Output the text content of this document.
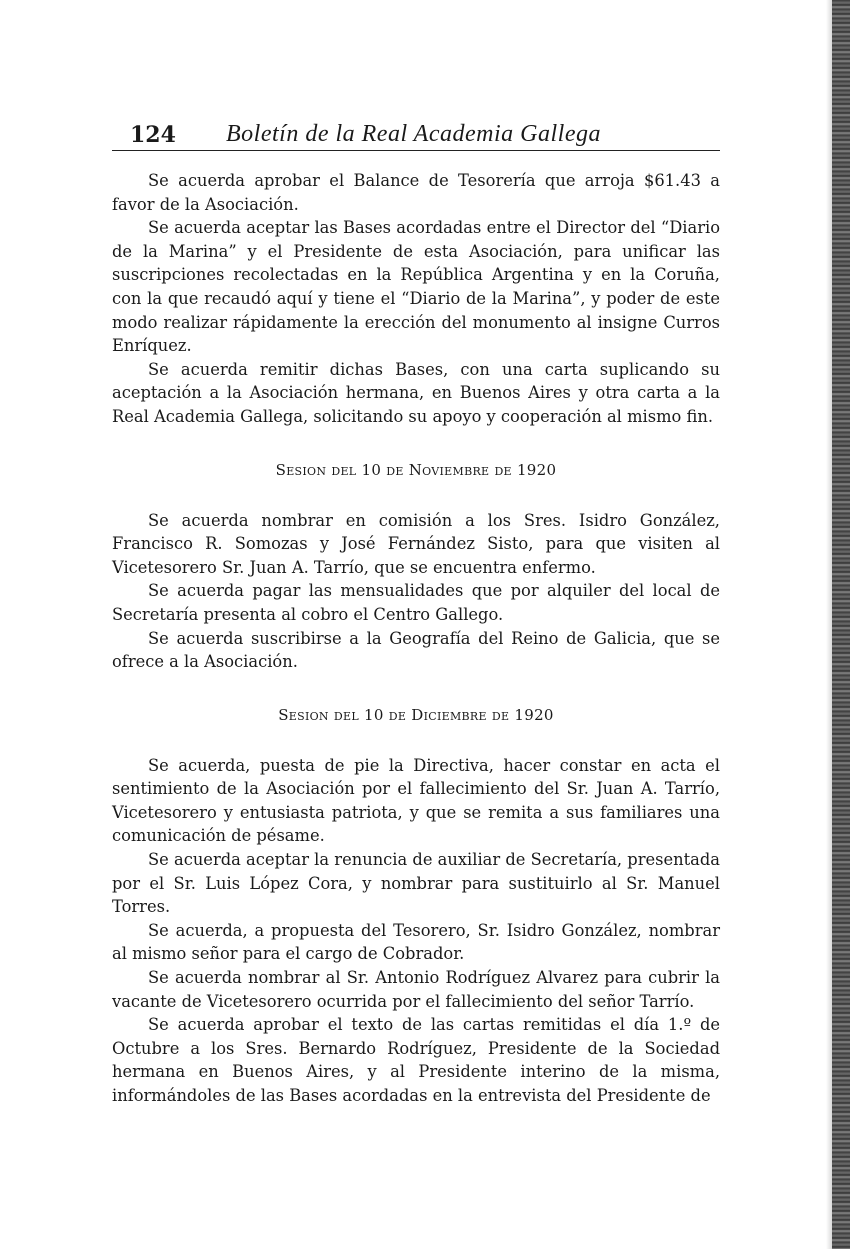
124	Boletín de la Real Academia Gallega

Se acuerda aprobar el Balance de Tesorería que arroja $61.43 a favor de la Asociación.

Se acuerda aceptar las Bases acordadas entre el Director del “Diario de la Marina” y el Presidente de esta Asociación, para unificar las suscripciones recolectadas en la República Argentina y en la Coruña, con la que recaudó aquí y tiene el “Diario de la Marina”, y poder de este modo realizar rápidamente la erección del monumento al insigne Curros Enríquez.

Se acuerda remitir dichas Bases, con una carta suplicando su aceptación a la Asociación hermana, en Buenos Aires y otra carta a la Real Academia Gallega, solicitando su apoyo y cooperación al mismo fin.

Sesion del 10 de Noviembre de 1920

Se acuerda nombrar en comisión a los Sres. Isidro González, Francisco R. Somozas y José Fernández Sisto, para que visiten al Vicetesorero Sr. Juan A. Tarrío, que se encuentra enfermo.

Se acuerda pagar las mensualidades que por alquiler del local de Secretaría presenta al cobro el Centro Gallego.

Se acuerda suscribirse a la Geografía del Reino de Galicia, que se ofrece a la Asociación.

Sesion del 10 de Diciembre de 1920

Se acuerda, puesta de pie la Directiva, hacer constar en acta el sentimiento de la Asociación por el fallecimiento del Sr. Juan A. Tarrío, Vicetesorero y entusiasta patriota, y que se remita a sus familiares una comunicación de pésame.

Se acuerda aceptar la renuncia de auxiliar de Secretaría, presentada por el Sr. Luis López Cora, y nombrar para sustituirlo al Sr. Manuel Torres.

Se acuerda, a propuesta del Tesorero, Sr. Isidro González, nombrar al mismo señor para el cargo de Cobrador.

Se acuerda nombrar al Sr. Antonio Rodríguez Alvarez para cubrir la vacante de Vicetesorero ocurrida por el fallecimiento del señor Tarrío.

Se acuerda aprobar el texto de las cartas remitidas el día 1.º de Octubre a los Sres. Bernardo Rodríguez, Presidente de la Sociedad hermana en Buenos Aires, y al Presidente interino de la misma, informándoles de las Bases acordadas en la entrevista del Presidente de
